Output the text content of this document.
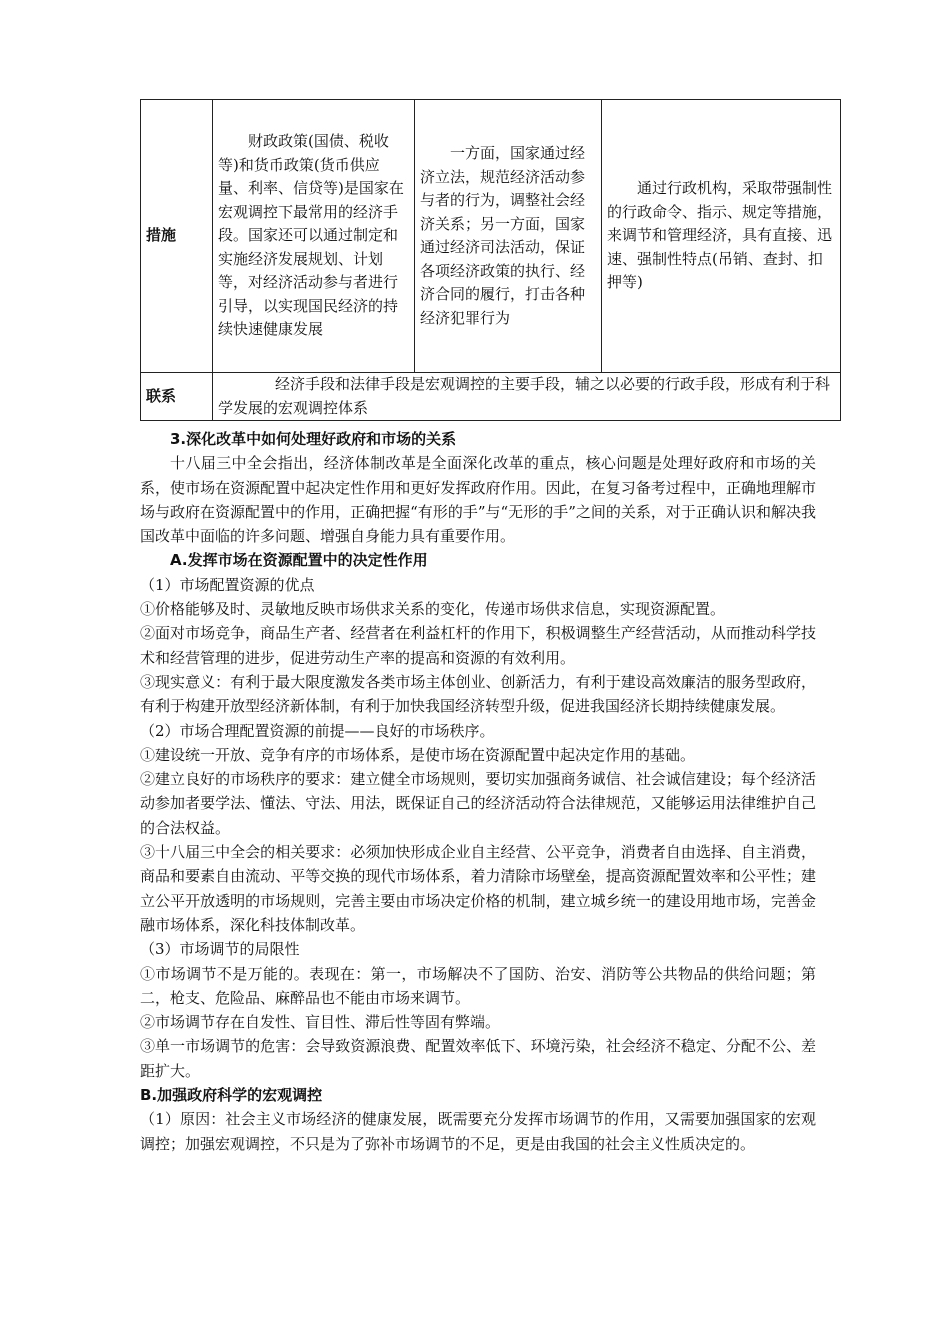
措施	财政政策(国债、税收等)和货币政策(货币供应量、利率、信贷等)是国家在宏观调控下最常用的经济手段。国家还可以通过制定和实施经济发展规划、计划等，对经济活动参与者进行引导，以实现国民经济的持续快速健康发展	一方面，国家通过经济立法，规范经济活动参与者的行为，调整社会经济关系；另一方面，国家通过经济司法活动，保证各项经济政策的执行、经济合同的履行，打击各种经济犯罪行为	通过行政机构，采取带强制性的行政命令、指示、规定等措施，来调节和管理经济，具有直接、迅速、强制性特点(吊销、查封、扣押等)
联系	经济手段和法律手段是宏观调控的主要手段，辅之以必要的行政手段，形成有利于科学发展的宏观调控体系		

3.深化改革中如何处理好政府和市场的关系

十八届三中全会指出，经济体制改革是全面深化改革的重点，核心问题是处理好政府和市场的关系，使市场在资源配置中起决定性作用和更好发挥政府作用。因此，在复习备考过程中，正确地理解市场与政府在资源配置中的作用，正确把握“有形的手”与“无形的手”之间的关系，对于正确认识和解决我国改革中面临的许多问题、增强自身能力具有重要作用。

A.发挥市场在资源配置中的决定性作用

（1）市场配置资源的优点

①价格能够及时、灵敏地反映市场供求关系的变化，传递市场供求信息，实现资源配置。

②面对市场竞争，商品生产者、经营者在利益杠杆的作用下，积极调整生产经营活动，从而推动科学技术和经营管理的进步，促进劳动生产率的提高和资源的有效利用。

③现实意义：有利于最大限度激发各类市场主体创业、创新活力，有利于建设高效廉洁的服务型政府，有利于构建开放型经济新体制，有利于加快我国经济转型升级，促进我国经济长期持续健康发展。

（2）市场合理配置资源的前提——良好的市场秩序。

①建设统一开放、竞争有序的市场体系，是使市场在资源配置中起决定作用的基础。

②建立良好的市场秩序的要求：建立健全市场规则，要切实加强商务诚信、社会诚信建设；每个经济活动参加者要学法、懂法、守法、用法，既保证自己的经济活动符合法律规范，又能够运用法律维护自己的合法权益。

③十八届三中全会的相关要求：必须加快形成企业自主经营、公平竞争，消费者自由选择、自主消费，商品和要素自由流动、平等交换的现代市场体系，着力清除市场壁垒，提高资源配置效率和公平性；建立公平开放透明的市场规则，完善主要由市场决定价格的机制，建立城乡统一的建设用地市场，完善金融市场体系，深化科技体制改革。

（3）市场调节的局限性

①市场调节不是万能的。表现在：第一，市场解决不了国防、治安、消防等公共物品的供给问题；第二，枪支、危险品、麻醉品也不能由市场来调节。

②市场调节存在自发性、盲目性、滞后性等固有弊端。

③单一市场调节的危害：会导致资源浪费、配置效率低下、环境污染，社会经济不稳定、分配不公、差距扩大。

B.加强政府科学的宏观调控

（1）原因：社会主义市场经济的健康发展，既需要充分发挥市场调节的作用，又需要加强国家的宏观调控；加强宏观调控，不只是为了弥补市场调节的不足，更是由我国的社会主义性质决定的。
